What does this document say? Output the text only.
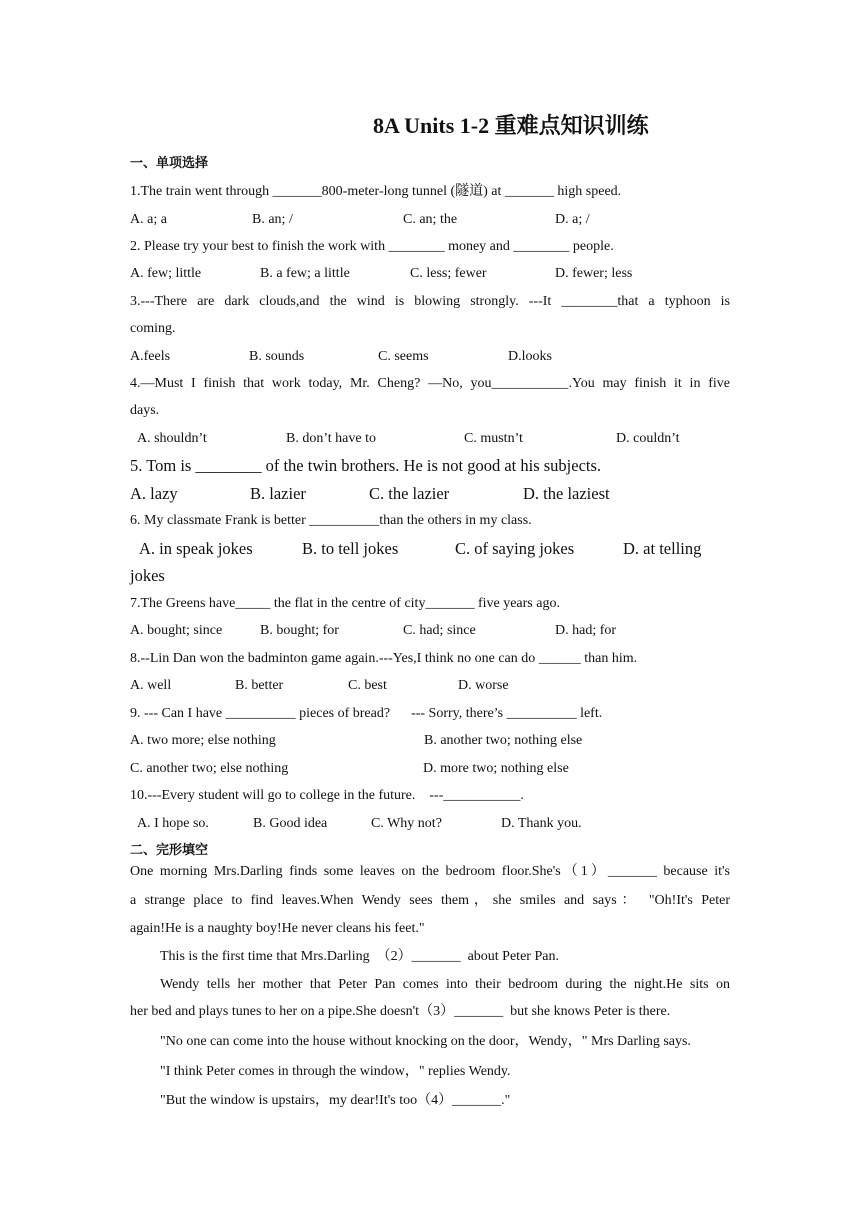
8A Units 1-2 重难点知识训练
一、单项选择
1.The train went through _______800-meter-long tunnel (隧道) at _______ high speed.
A. a; a	B. an; /	C. an; the	D. a; /
2. Please try your best to finish the work with ________ money and ________ people.
A. few; little	B. a few; a little	C. less; fewer	D. fewer; less
3.---There are dark clouds,and the wind is blowing strongly. ---It ________that a typhoon is
coming.
A.feels	B. sounds	C. seems	D.looks
4.—Must I finish that work today, Mr. Cheng? —No, you___________.You may finish it in five
days.
A. shouldn’t	B. don’t have to	C. mustn’t	D. couldn’t
5. Tom is ________ of the twin brothers. He is not good at his subjects.
A. lazy	B. lazier	C. the lazier	D. the laziest
6. My classmate Frank is better __________than the others in my class.
A. in speak jokes	B. to tell jokes	C. of saying jokes	D. at telling
jokes
7.The Greens have_____ the flat in the centre of city_______ five years ago.
A. bought; since	B. bought; for	C. had; since	D. had; for
8.--Lin Dan won the badminton game again.---Yes,I think no one can do ______ than him.
A. well	B. better	C. best	D. worse
9. --- Can I have __________ pieces of bread?      --- Sorry, there’s __________ left.
A. two more; else nothing	B. another two; nothing else
C. another two; else nothing	D. more two; nothing else
10.---Every student will go to college in the future.    ---___________.
A. I hope so.	B. Good idea	C. Why not?	D. Thank you.
二、完形填空
One morning Mrs.Darling finds some leaves on the bedroom floor.She's（1）_______ because it's
a strange place to find leaves.When Wendy sees them，she smiles and says： "Oh!It's Peter
again!He is a naughty boy!He never cleans his feet."
This is the first time that Mrs.Darling  （2）_______  about Peter Pan.
Wendy tells her mother that Peter Pan comes into their bedroom during the night.He sits on
her bed and plays tunes to her on a pipe.She doesn't（3）_______  but she knows Peter is there.
"No one can come into the house without knocking on the door，Wendy，" Mrs Darling says.
"I think Peter comes in through the window，" replies Wendy.
"But the window is upstairs，my dear!It's too（4）_______."
